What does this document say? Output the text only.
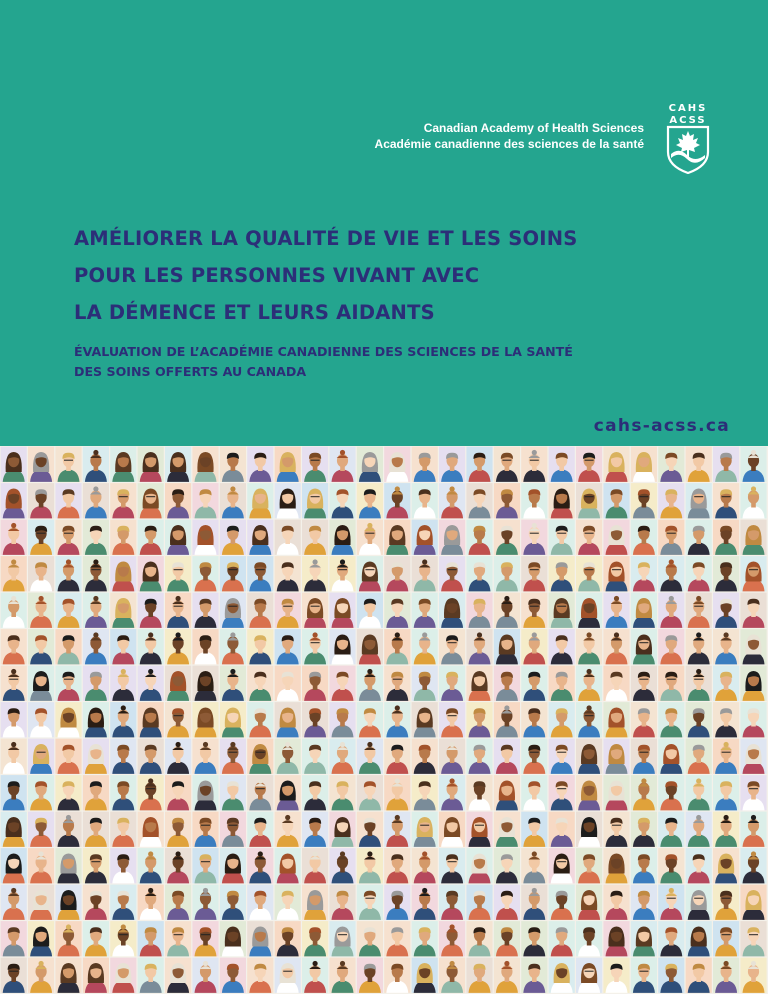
Canadian Academy of Health Sciences
Académie canadienne des sciences de la santé
CAHS
ACSS
AMÉLIORER LA QUALITÉ DE VIE ET LES SOINS
POUR LES PERSONNES VIVANT AVEC
LA DÉMENCE ET LEURS AIDANTS
ÉVALUATION DE L’ACADÉMIE CANADIENNE DES SCIENCES DE LA SANTÉ
DES SOINS OFFERTS AU CANADA
cahs-acss.ca
